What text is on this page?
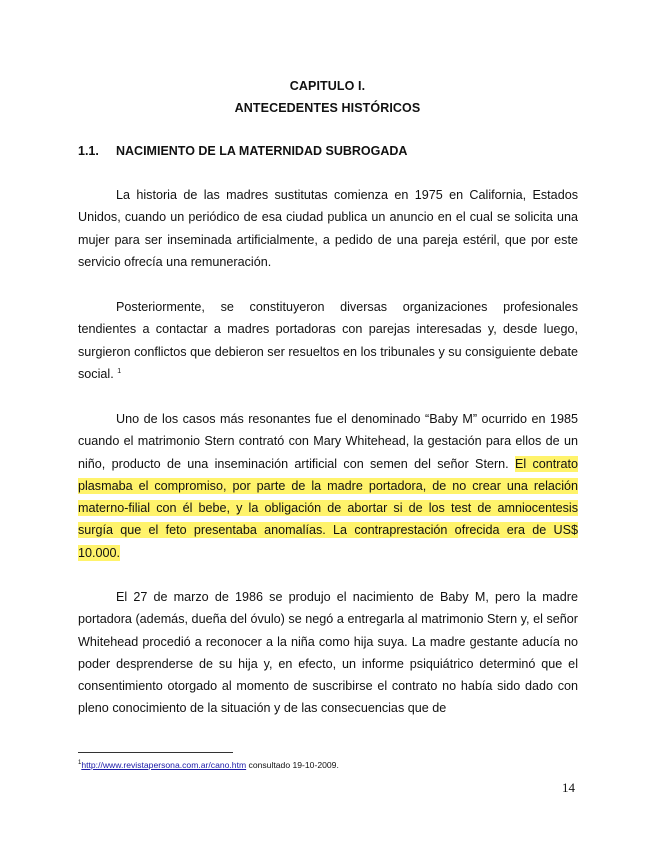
CAPITULO I.
ANTECEDENTES HISTÓRICOS
1.1. NACIMIENTO DE LA MATERNIDAD SUBROGADA

La historia de las madres sustitutas comienza en 1975 en California, Estados Unidos, cuando un periódico de esa ciudad publica un anuncio en el cual se solicita una mujer para ser inseminada artificialmente, a pedido de una pareja estéril, que por este servicio ofrecía una remuneración.

Posteriormente, se constituyeron diversas organizaciones profesionales tendientes a contactar a madres portadoras con parejas interesadas y, desde luego, surgieron conflictos que debieron ser resueltos en los tribunales y su consiguiente debate social. $^1$

Uno de los casos más resonantes fue el denominado “Baby M” ocurrido en 1985 cuando el matrimonio Stern contrató con Mary Whitehead, la gestación para ellos de un niño, producto de una inseminación artificial con semen del señor Stern. El contrato plasmaba el compromiso, por parte de la madre portadora, de no crear una relación materno-filial con él bebe, y la obligación de abortar si de los test de amniocentesis surgía que el feto presentaba anomalías. La contraprestación ofrecida era de US$ 10.000.

El 27 de marzo de 1986 se produjo el nacimiento de Baby M, pero la madre portadora (además, dueña del óvulo) se negó a entregarla al matrimonio Stern y, el señor Whitehead procedió a reconocer a la niña como hija suya. La madre gestante aducía no poder desprenderse de su hija y, en efecto, un informe psiquiátrico determinó que el consentimiento otorgado al momento de suscribirse el contrato no había sido dado con pleno conocimiento de la situación y de las consecuencias que de

$^1$http://www.revistapersona.com.ar/cano.htm consultado 19-10-2009.
14
